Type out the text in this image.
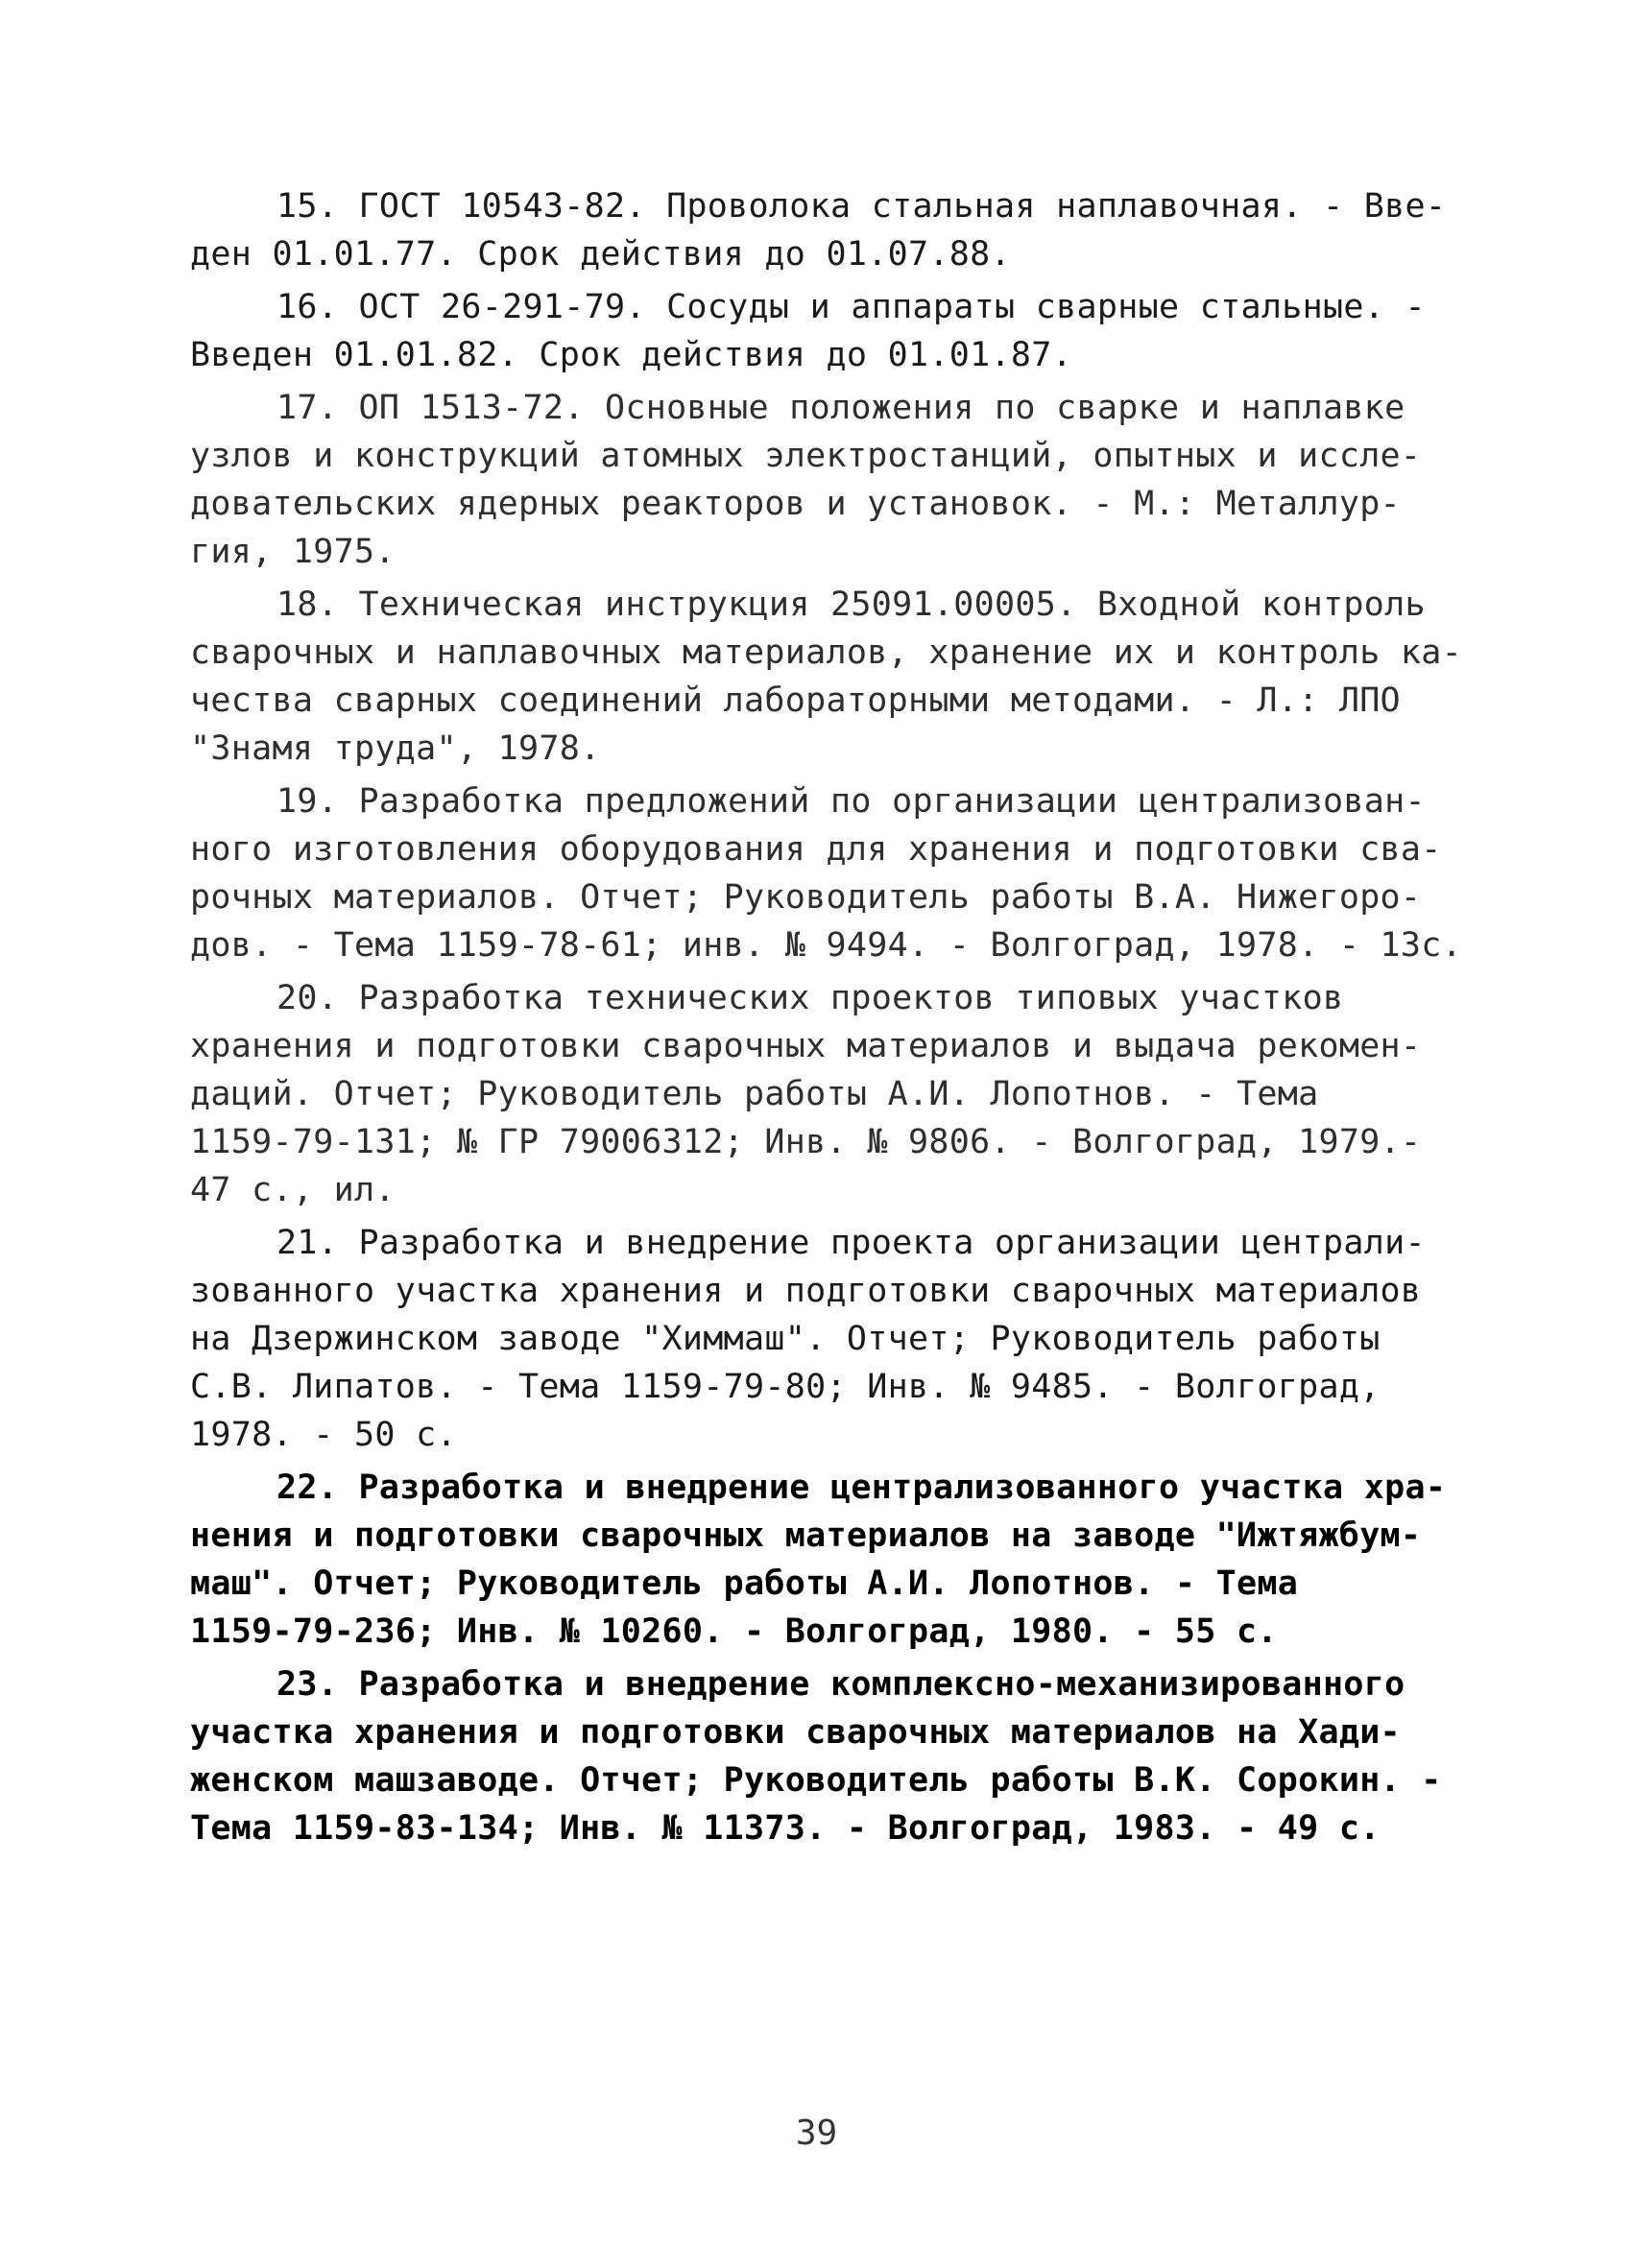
15. ГОСТ 10543-82. Проволока стальная наплавочная. - Вве-
ден 01.01.77. Срок действия до 01.07.88.
16. ОСТ 26-291-79. Сосуды и аппараты сварные стальные. -
Введен 01.01.82. Срок действия до 01.01.87.
17. ОП 1513-72. Основные положения по сварке и наплавке
узлов и конструкций атомных электростанций, опытных и иссле-
довательских ядерных реакторов и установок. - М.: Металлур-
гия, 1975.
18. Техническая инструкция 25091.00005. Входной контроль
сварочных и наплавочных материалов, хранение их и контроль ка-
чества сварных соединений лабораторными методами. - Л.: ЛПО
"Знамя труда", 1978.
19. Разработка предложений по организации централизован-
ного изготовления оборудования для хранения и подготовки сва-
рочных материалов. Отчет; Руководитель работы В.А. Нижегоро-
дов. - Тема 1159-78-61; инв. № 9494. - Волгоград, 1978. - 13с.
20. Разработка технических проектов типовых участков
хранения и подготовки сварочных материалов и выдача рекомен-
даций. Отчет; Руководитель работы А.И. Лопотнов. - Тема
1159-79-131; № ГР 79006312; Инв. № 9806. - Волгоград, 1979.-
47 с., ил.
21. Разработка и внедрение проекта организации централи-
зованного участка хранения и подготовки сварочных материалов
на Дзержинском заводе "Химмаш". Отчет; Руководитель работы
С.В. Липатов. - Тема 1159-79-80; Инв. № 9485. - Волгоград,
1978. - 50 с.
22. Разработка и внедрение централизованного участка хра-
нения и подготовки сварочных материалов на заводе "Ижтяжбум-
маш". Отчет; Руководитель работы А.И. Лопотнов. - Тема
1159-79-236; Инв. № 10260. - Волгоград, 1980. - 55 с.
23. Разработка и внедрение комплексно-механизированного
участка хранения и подготовки сварочных материалов на Хади-
женском машзаводе. Отчет; Руководитель работы В.К. Сорокин. -
Тема 1159-83-134; Инв. № 11373. - Волгоград, 1983. - 49 с.
39
